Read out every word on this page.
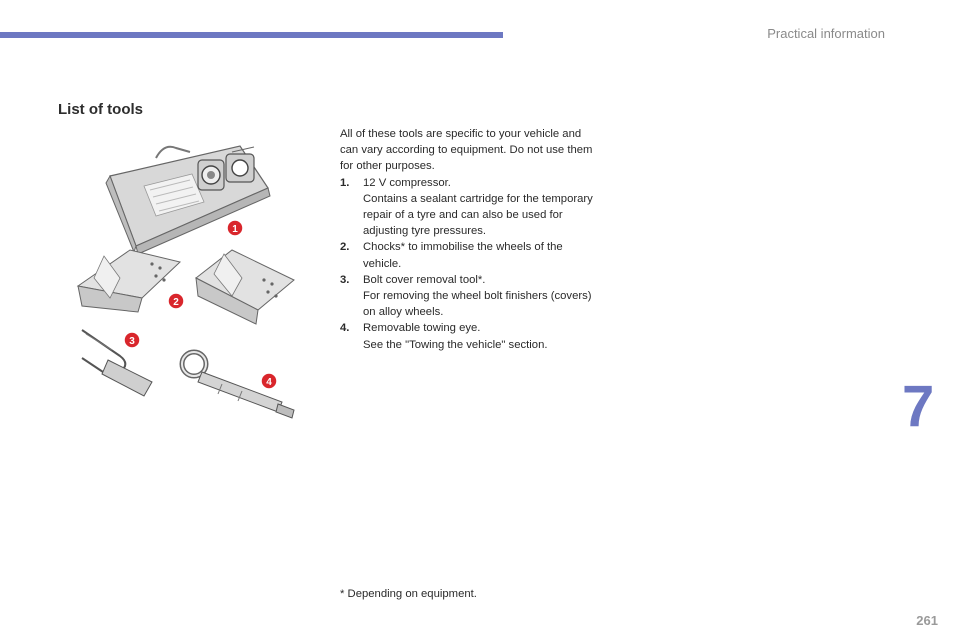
Practical information
List of tools
1
2
3
4

All of these tools are specific to your vehicle and can vary according to equipment. Do not use them for other purposes.

1.	12 V compressor.
Contains a sealant cartridge for the temporary repair of a tyre and can also be used for adjusting tyre pressures.
2.	Chocks* to immobilise the wheels of the vehicle.
3.	Bolt cover removal tool*.
For removing the wheel bolt finishers (covers) on alloy wheels.
4.	Removable towing eye.
See the "Towing the vehicle" section.
* Depending on equipment.
7
261
